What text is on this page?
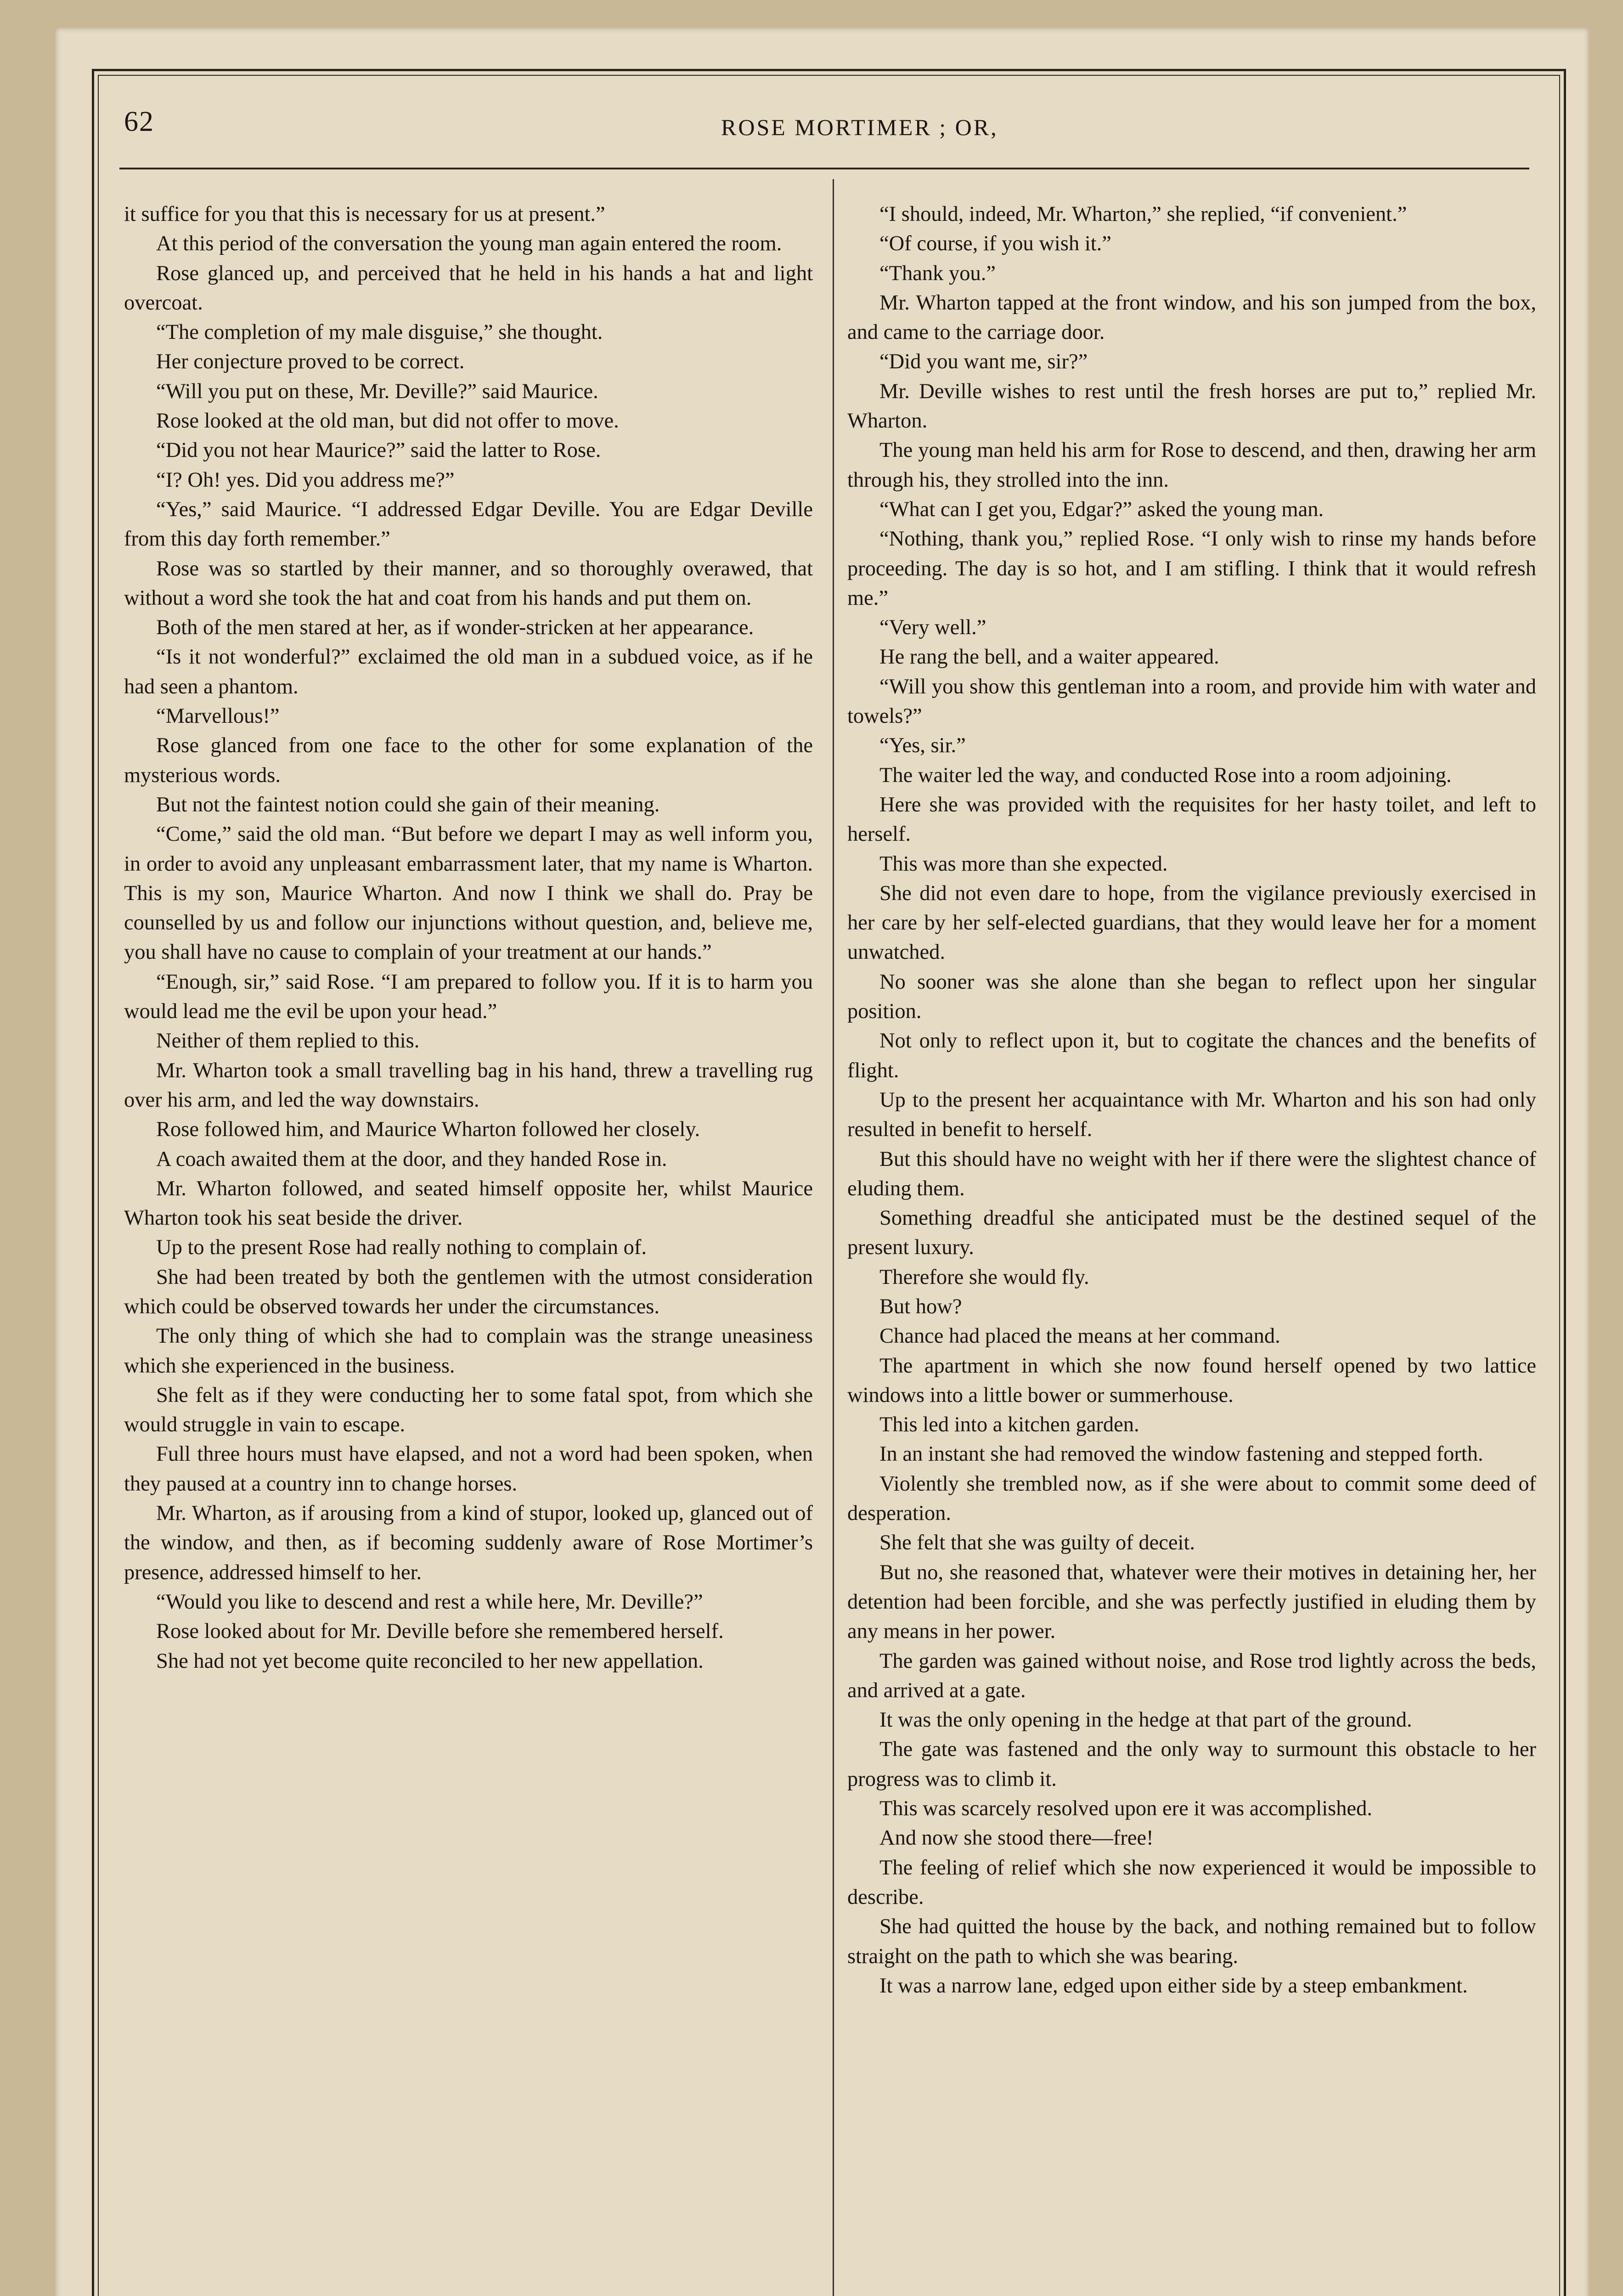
62	ROSE MORTIMER ; OR,

it suffice for you that this is necessary for us at present.”

At this period of the conversation the young man again entered the room.

Rose glanced up, and perceived that he held in his hands a hat and light overcoat.

“The completion of my male disguise,” she thought.

Her conjecture proved to be correct.

“Will you put on these, Mr. Deville?” said Maurice.

Rose looked at the old man, but did not offer to move.

“Did you not hear Maurice?” said the latter to Rose.

“I? Oh! yes. Did you address me?”

“Yes,” said Maurice. “I addressed Edgar Deville. You are Edgar Deville from this day forth remember.”

Rose was so startled by their manner, and so thoroughly overawed, that without a word she took the hat and coat from his hands and put them on.

Both of the men stared at her, as if wonder-stricken at her appearance.

“Is it not wonderful?” exclaimed the old man in a subdued voice, as if he had seen a phantom.

“Marvellous!”

Rose glanced from one face to the other for some explanation of the mysterious words.

But not the faintest notion could she gain of their meaning.

“Come,” said the old man. “But before we depart I may as well inform you, in order to avoid any unpleasant embarrassment later, that my name is Wharton. This is my son, Maurice Wharton. And now I think we shall do. Pray be counselled by us and follow our injunctions without question, and, believe me, you shall have no cause to complain of your treatment at our hands.”

“Enough, sir,” said Rose. “I am prepared to follow you. If it is to harm you would lead me the evil be upon your head.”

Neither of them replied to this.

Mr. Wharton took a small travelling bag in his hand, threw a travelling rug over his arm, and led the way downstairs.

Rose followed him, and Maurice Wharton followed her closely.

A coach awaited them at the door, and they handed Rose in.

Mr. Wharton followed, and seated himself opposite her, whilst Maurice Wharton took his seat beside the driver.

Up to the present Rose had really nothing to complain of.

She had been treated by both the gentlemen with the utmost consideration which could be observed towards her under the circumstances.

The only thing of which she had to complain was the strange uneasiness which she experienced in the business.

She felt as if they were conducting her to some fatal spot, from which she would struggle in vain to escape.

Full three hours must have elapsed, and not a word had been spoken, when they paused at a country inn to change horses.

Mr. Wharton, as if arousing from a kind of stupor, looked up, glanced out of the window, and then, as if becoming suddenly aware of Rose Mortimer’s presence, addressed himself to her.

“Would you like to descend and rest a while here, Mr. Deville?”

Rose looked about for Mr. Deville before she remembered herself.

She had not yet become quite reconciled to her new appellation.

“I should, indeed, Mr. Wharton,” she replied, “if convenient.”

“Of course, if you wish it.”

“Thank you.”

Mr. Wharton tapped at the front window, and his son jumped from the box, and came to the carriage door.

“Did you want me, sir?”

Mr. Deville wishes to rest until the fresh horses are put to,” replied Mr. Wharton.

The young man held his arm for Rose to descend, and then, drawing her arm through his, they strolled into the inn.

“What can I get you, Edgar?” asked the young man.

“Nothing, thank you,” replied Rose. “I only wish to rinse my hands before proceeding. The day is so hot, and I am stifling. I think that it would refresh me.”

“Very well.”

He rang the bell, and a waiter appeared.

“Will you show this gentleman into a room, and provide him with water and towels?”

“Yes, sir.”

The waiter led the way, and conducted Rose into a room adjoining.

Here she was provided with the requisites for her hasty toilet, and left to herself.

This was more than she expected.

She did not even dare to hope, from the vigilance previously exercised in her care by her self-elected guardians, that they would leave her for a moment unwatched.

No sooner was she alone than she began to reflect upon her singular position.

Not only to reflect upon it, but to cogitate the chances and the benefits of flight.

Up to the present her acquaintance with Mr. Wharton and his son had only resulted in benefit to herself.

But this should have no weight with her if there were the slightest chance of eluding them.

Something dreadful she anticipated must be the destined sequel of the present luxury.

Therefore she would fly.

But how?

Chance had placed the means at her command.

The apartment in which she now found herself opened by two lattice windows into a little bower or summerhouse.

This led into a kitchen garden.

In an instant she had removed the window fastening and stepped forth.

Violently she trembled now, as if she were about to commit some deed of desperation.

She felt that she was guilty of deceit.

But no, she reasoned that, whatever were their motives in detaining her, her detention had been forcible, and she was perfectly justified in eluding them by any means in her power.

The garden was gained without noise, and Rose trod lightly across the beds, and arrived at a gate.

It was the only opening in the hedge at that part of the ground.

The gate was fastened and the only way to surmount this obstacle to her progress was to climb it.

This was scarcely resolved upon ere it was accomplished.

And now she stood there—free!

The feeling of relief which she now experienced it would be impossible to describe.

She had quitted the house by the back, and nothing remained but to follow straight on the path to which she was bearing.

It was a narrow lane, edged upon either side by a steep embankment.
